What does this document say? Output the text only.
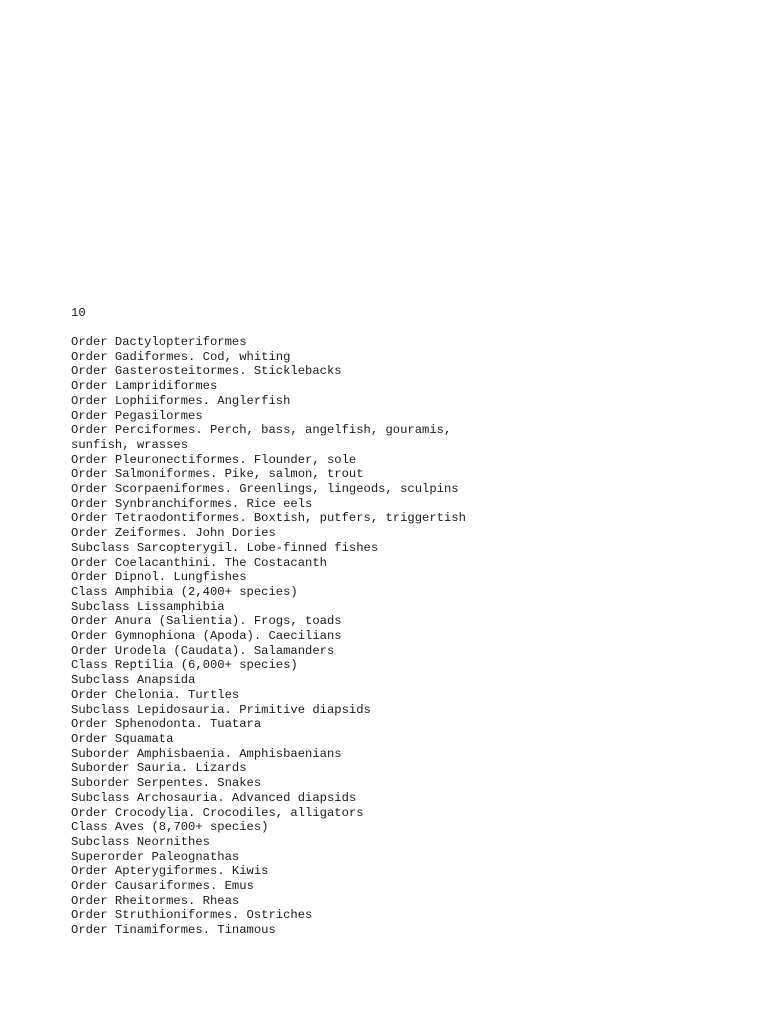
10
Order Dactylopteriformes
Order Gadiformes. Cod, whiting
Order Gasterosteitormes. Sticklebacks
Order Lampridiformes
Order Lophiiformes. Anglerfish
Order Pegasilormes
Order Perciformes. Perch, bass, angelfish, gouramis,
sunfish, wrasses
Order Pleuronectiformes. Flounder, sole
Order Salmoniformes. Pike, salmon, trout
Order Scorpaeniformes. Greenlings, lingeods, sculpins
Order Synbranchiformes. Rice eels
Order Tetraodontiformes. Boxtish, putfers, triggertish
Order Zeiformes. John Dories
Subclass Sarcopterygil. Lobe-finned fishes
Order Coelacanthini. The Costacanth
Order Dipnol. Lungfishes
Class Amphibia (2,400+ species)
Subclass Lissamphibia
Order Anura (Salientia). Frogs, toads
Order Gymnophiona (Apoda). Caecilians
Order Urodela (Caudata). Salamanders
Class Reptilia (6,000+ species)
Subclass Anapsida
Order Chelonia. Turtles
Subclass Lepidosauria. Primitive diapsids
Order Sphenodonta. Tuatara
Order Squamata
Suborder Amphisbaenia. Amphisbaenians
Suborder Sauria. Lizards
Suborder Serpentes. Snakes
Subclass Archosauria. Advanced diapsids
Order Crocodylia. Crocodiles, alligators
Class Aves (8,700+ species)
Subclass Neornithes
Superorder Paleognathas
Order Apterygiformes. Kiwis
Order Causariformes. Emus
Order Rheitormes. Rheas
Order Struthioniformes. Ostriches
Order Tinamiformes. Tinamous
